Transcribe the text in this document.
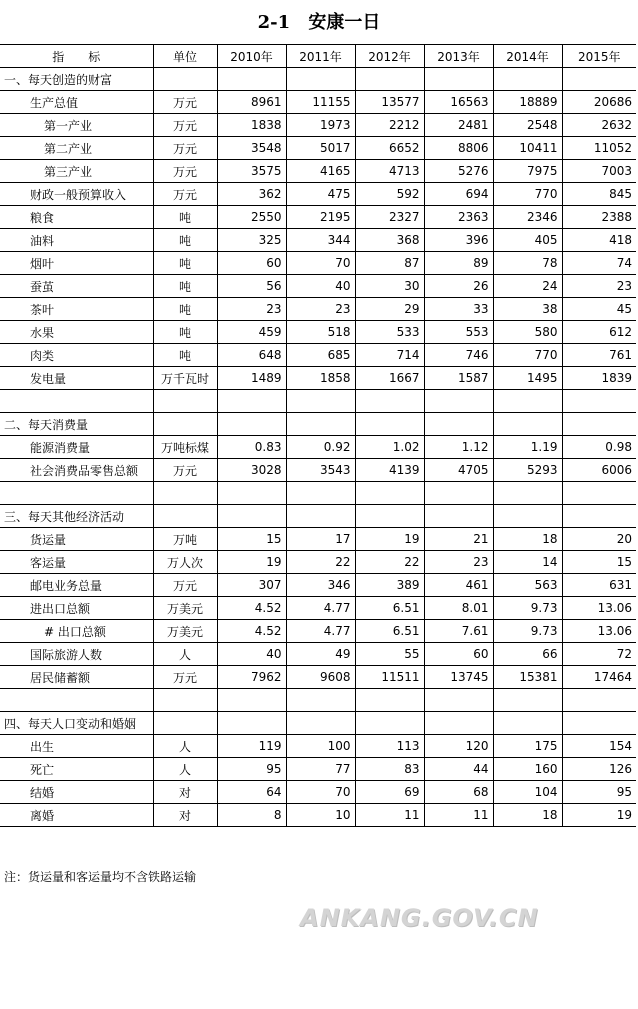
2-1 安康一日
指　　标	单位	2010年	2011年	2012年	2013年	2014年	2015年
一、每天创造的财富							
生产总值	万元	8961	11155	13577	16563	18889	20686
第一产业	万元	1838	1973	2212	2481	2548	2632
第二产业	万元	3548	5017	6652	8806	10411	11052
第三产业	万元	3575	4165	4713	5276	7975	7003
财政一般预算收入	万元	362	475	592	694	770	845
粮食	吨	2550	2195	2327	2363	2346	2388
油料	吨	325	344	368	396	405	418
烟叶	吨	60	70	87	89	78	74
蚕茧	吨	56	40	30	26	24	23
茶叶	吨	23	23	29	33	38	45
水果	吨	459	518	533	553	580	612
肉类	吨	648	685	714	746	770	761
发电量	万千瓦时	1489	1858	1667	1587	1495	1839

二、每天消费量							
能源消费量	万吨标煤	0.83	0.92	1.02	1.12	1.19	0.98
社会消费品零售总额	万元	3028	3543	4139	4705	5293	6006

三、每天其他经济活动							
货运量	万吨	15	17	19	21	18	20
客运量	万人次	19	22	22	23	14	15
邮电业务总量	万元	307	346	389	461	563	631
进出口总额	万美元	4.52	4.77	6.51	8.01	9.73	13.06
# 出口总额	万美元	4.52	4.77	6.51	7.61	9.73	13.06
国际旅游人数	人	40	49	55	60	66	72
居民储蓄额	万元	7962	9608	11511	13745	15381	17464

四、每天人口变动和婚姻							
出生	人	119	100	113	120	175	154
死亡	人	95	77	83	44	160	126
结婚	对	64	70	69	68	104	95
离婚	对	8	10	11	11	18	19
注：货运量和客运量均不含铁路运输
ANKANG.GOV.CN
